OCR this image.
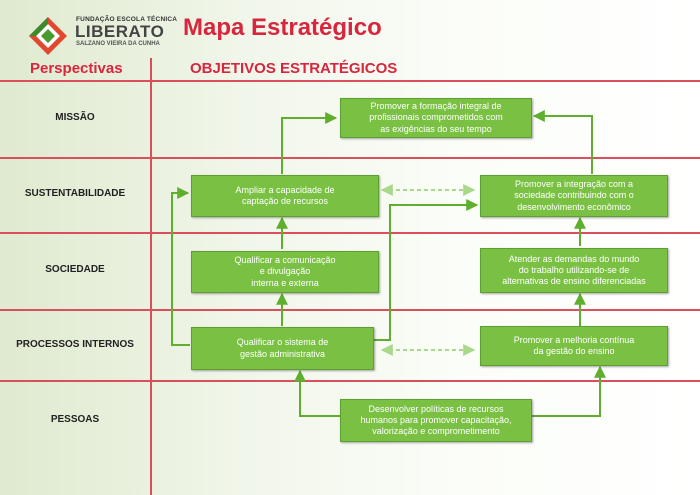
FUNDAÇÃO ESCOLA TÉCNICA
LIBERATO
SALZANO VIEIRA DA CUNHA
Mapa Estratégico
Perspectivas	OBJETIVOS ESTRATÉGICOS
MISSÃO
SUSTENTABILIDADE
SOCIEDADE
PROCESSOS INTERNOS
PESSOAS
Promover a formação integral de
profissionais comprometidos com
as exigências do seu tempo
Ampliar a capacidade de
captação de recursos
Promover a integração com a
sociedade contribuindo com o
desenvolvimento econômico
Qualificar a comunicação
e divulgação
interna e externa
Atender as demandas do mundo
do trabalho utilizando-se de
alternativas de ensino diferenciadas
Qualificar o sistema de
gestão administrativa
Promover a melhoria contínua
da gestão do ensino
Desenvolver políticas de recursos
humanos para promover capacitação,
valorização e comprometimento
